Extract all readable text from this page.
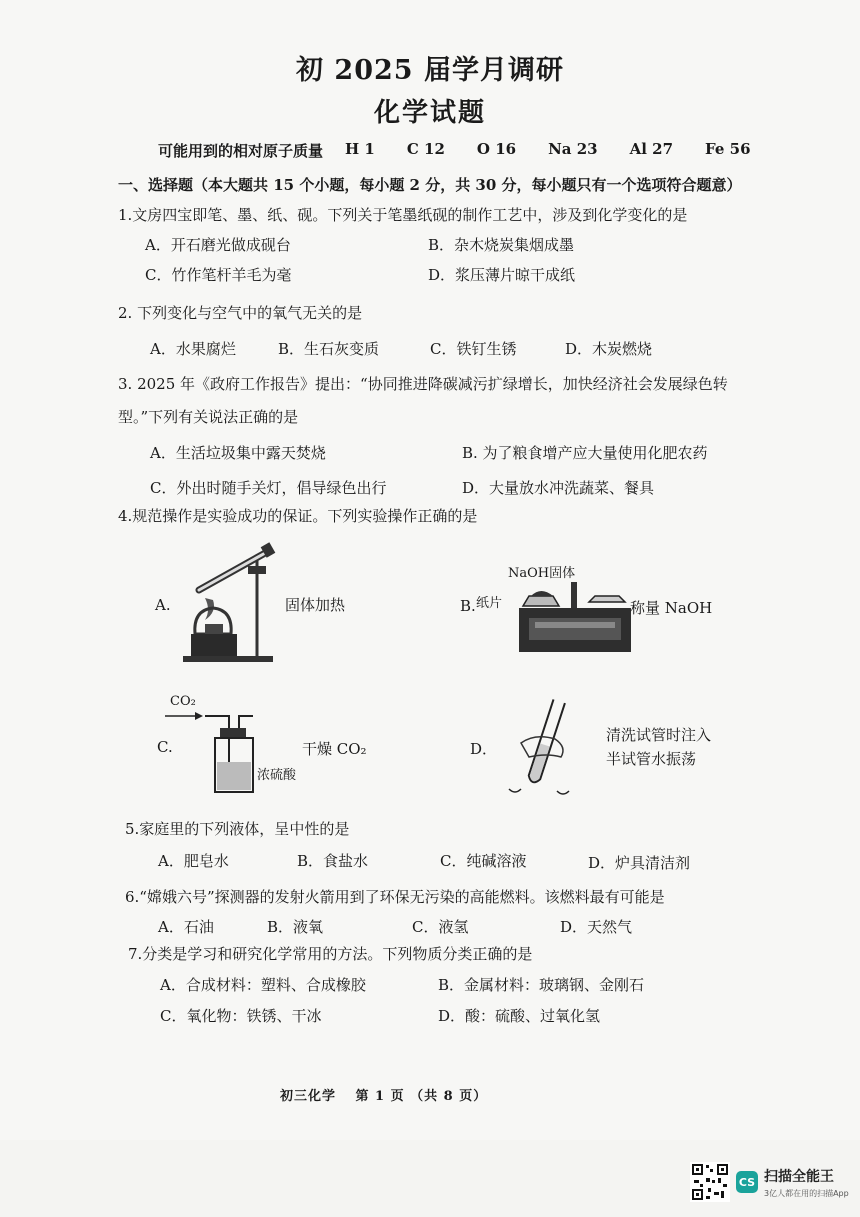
初 2025 届学月调研
化学试题
可能用到的相对原子质量 H 1 C 12 O 16 Na 23 Al 27 Fe 56
一、选择题（本大题共 15 个小题，每小题 2 分，共 30 分，每小题只有一个选项符合题意）
1.文房四宝即笔、墨、纸、砚。下列关于笔墨纸砚的制作工艺中，涉及到化学变化的是
A．开石磨光做成砚台	B．杂木烧炭集烟成墨
C．竹作笔杆羊毛为毫	D．浆压薄片晾干成纸
2. 下列变化与空气中的氧气无关的是
A．水果腐烂	B．生石灰变质	C．铁钉生锈	D．木炭燃烧
3. 2025 年《政府工作报告》提出：“协同推进降碳减污扩绿增长，加快经济社会发展绿色转
型。”下列有关说法正确的是
A．生活垃圾集中露天焚烧	B. 为了粮食增产应大量使用化肥农药
C．外出时随手关灯，倡导绿色出行	D．大量放水冲洗蔬菜、餐具
4.规范操作是实验成功的保证。下列实验操作正确的是
A.	固体加热	B. 纸片
NaOH固体
称量 NaOH
C.
CO₂
干燥 CO₂
浓硫酸
D．
清洗试管时注入
半试管水振荡
5.家庭里的下列液体，呈中性的是
A．肥皂水	B．食盐水	C．纯碱溶液	D．炉具清洁剂
6.“嫦娥六号”探测器的发射火箭用到了环保无污染的高能燃料。该燃料最有可能是
A．石油	B．液氧	C．液氢	D．天然气
7.分类是学习和研究化学常用的方法。下列物质分类正确的是
A．合成材料：塑料、合成橡胶	B．金属材料：玻璃钢、金刚石
C．氧化物：铁锈、干冰	D．酸：硫酸、过氧化氢
初三化学　 第 1 页 （共 8 页）
CS 扫描全能王
3亿人都在用的扫描App
